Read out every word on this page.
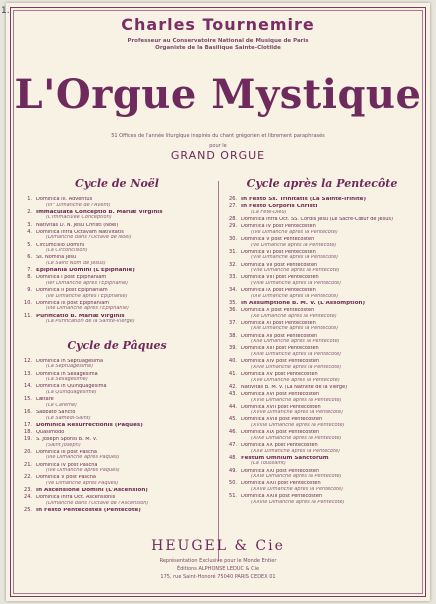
Charles Tournemire
Professeur au Conservatoire National de Musique de Paris
Organiste de la Basilique Sainte-Clotilde
L'Orgue Mystique
51 Offices de l'année liturgique inspirés du chant grégorien et librement paraphrasés
pour le
GRAND ORGUE
Cycle de Noël
1. Dominica III. Adventus
(III° Dimanche de l'Avent)
2. Immaculata Conceptio B. Mariæ Virginis
(L'Immaculée Conception)
3. Nativitas D. N. Jesu Christi (Noël)
4. Dominica infra Octavam Nativitatis
(Dimanche dans l'Octave de Noël)
5. Circumcisio Domini
(La Circoncision)
6. Ss. Nomina Jesu
(Le Saint Nom de Jésus)
7. Epiphania Domini (L'Épiphanie)
8. Dominica I post Epiphaniam
(Ier Dimanche après l'Épiphanie)
9. Dominica II post Epiphaniam
(IIe Dimanche après l'Épiphanie)
10. Dominica III post Epiphaniam
(IIIe Dimanche après l'Épiphanie)
11. Purificatio B. Mariæ Virginis
(La Purification de la Sainte-Vierge)
Cycle de Pâques
12. Dominica in Septuagesima
(La Septuagésime)
13. Dominica in Sexagesima
(La Sexagésime)
14. Dominica in Quinquagesima
(La Quinquagésime)
15. Lætare
(Le Carême)
16. Sabbato Sancto
(Le Samedi-Saint)
17. Dominica Resurrectionis (Pâques)
18. Quasimodo
19. S. Joseph Sponsi B. M. V.
(Saint Joseph)
20. Dominica III post Pascha
(IIIe Dimanche après Pâques)
21. Dominica IV post Pascha
(IVe Dimanche après Pâques)
22. Dominica V post Pascha
(Ve Dimanche après Pâques)
23. In Ascensione Domini (L'Ascension)
24. Dominica infra Oct. Ascensionis
(Dimanche dans l'Octave de l'Ascension)
25. In Festo Pentecostes (Pentecôte)
Cycle après la Pentecôte
26. In Festo Ss. Trinitatis (La Sainte-Trinité)
27. In Festo Corporis Christi
(La Fête-Dieu)
28. Dominica infra Oct. SS. Cordis Jesu (Le Sacré-Cœur de Jésus)
29. Dominica IV post Pentecosten
(IVe Dimanche après la Pentecôte)
30. Dominica V post Pentecosten
(Ve Dimanche après la Pentecôte)
31. Dominica VI post Pentecosten
(VIe Dimanche après la Pentecôte)
32. Dominica VII post Pentecosten
(VIIe Dimanche après la Pentecôte)
33. Dominica VIII post Pentecosten
(VIIIe Dimanche après la Pentecôte)
34. Dominica IX post Pentecosten
(IXe Dimanche après la Pentecôte)
35. In Assumptione B. M. V. (L'Assomption)
36. Dominica X post Pentecosten
(Xe Dimanche après la Pentecôte)
37. Dominica XI post Pentecosten
(XIe Dimanche après la Pentecôte)
38. Dominica XII post Pentecosten
(XIIe Dimanche après la Pentecôte)
39. Dominica XIII post Pentecosten
(XIIIe Dimanche après la Pentecôte)
40. Dominica XIV post Pentecosten
(XIVe Dimanche après la Pentecôte)
41. Dominica XV post Pentecosten
(XVe Dimanche après la Pentecôte)
42. Nativitas B. M. V. (La Nativité de la Vierge)
43. Dominica XVI post Pentecosten
(XVIe Dimanche après la Pentecôte)
44. Dominica XVII post Pentecosten
(XVIIe Dimanche après la Pentecôte)
45. Dominica XVIII post Pentecosten
(XVIIIe Dimanche après la Pentecôte)
46. Dominica XIX post Pentecosten
(XIXe Dimanche après la Pentecôte)
47. Dominica XX post Pentecosten
(XXe Dimanche après la Pentecôte)
48. Festum Omnium Sanctorum
(La Toussaint)
49. Dominica XXI post Pentecosten
(XXIe Dimanche après la Pentecôte)
50. Dominica XXII post Pentecosten
(XXIIe Dimanche après la Pentecôte)
51. Dominica XXIII post Pentecosten
(XXIIIe Dimanche après la Pentecôte)
HEUGEL & Cie
Représentation Exclusive pour le Monde Entier
Éditions ALPHONSE LEDUC & Cie
175, rue Saint-Honoré 75040 PARIS CEDEX 01
1.
